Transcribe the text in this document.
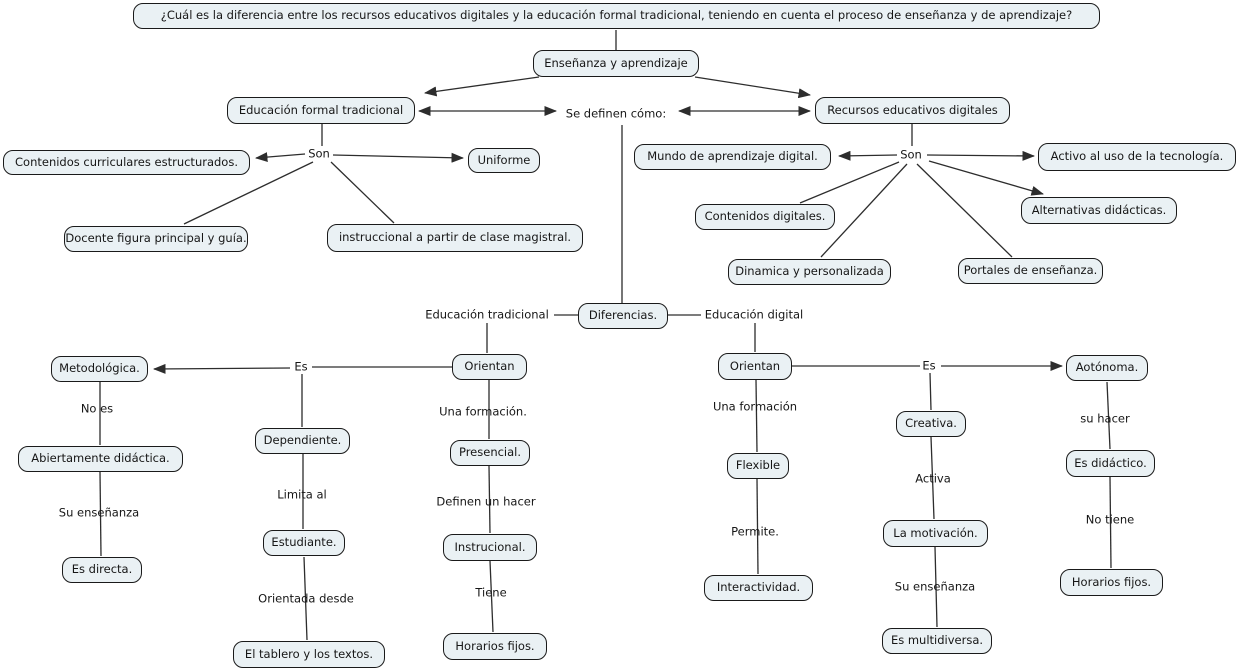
¿Cuál es la diferencia entre los recursos educativos digitales y la educación formal tradicional, teniendo en cuenta el proceso de enseñanza y de aprendizaje?
Enseñanza y aprendizaje
Educación formal tradicional	Recursos educativos digitales
Contenidos curriculares estructurados.	Uniforme
Docente figura principal y guía.	instruccional a partir de clase magistral.
Mundo de aprendizaje digital.	Activo al uso de la tecnología.
Contenidos digitales.	Alternativas didácticas.
Dinamica y personalizada	Portales de enseñanza.
Diferencias.
Orientan	Orientan
Metodológica.
Abiertamente didáctica.
Es directa.
Dependiente.
Estudiante.
El tablero y los textos.
Presencial.
Instrucional.
Horarios fijos.
Flexible
Interactividad.
Creativa.
La motivación.
Es multidiversa.
Aotónoma.
Es didáctico.
Horarios fijos.
Se definen cómo:
Son	Son
Educación tradicional	Educación digital
Es	Es
No es
Su enseñanza
Limita al
Orientada desde
Una formación.
Definen un hacer
Tiene
Una formación
Permite.
Activa
Su enseñanza
su hacer
No tiene
